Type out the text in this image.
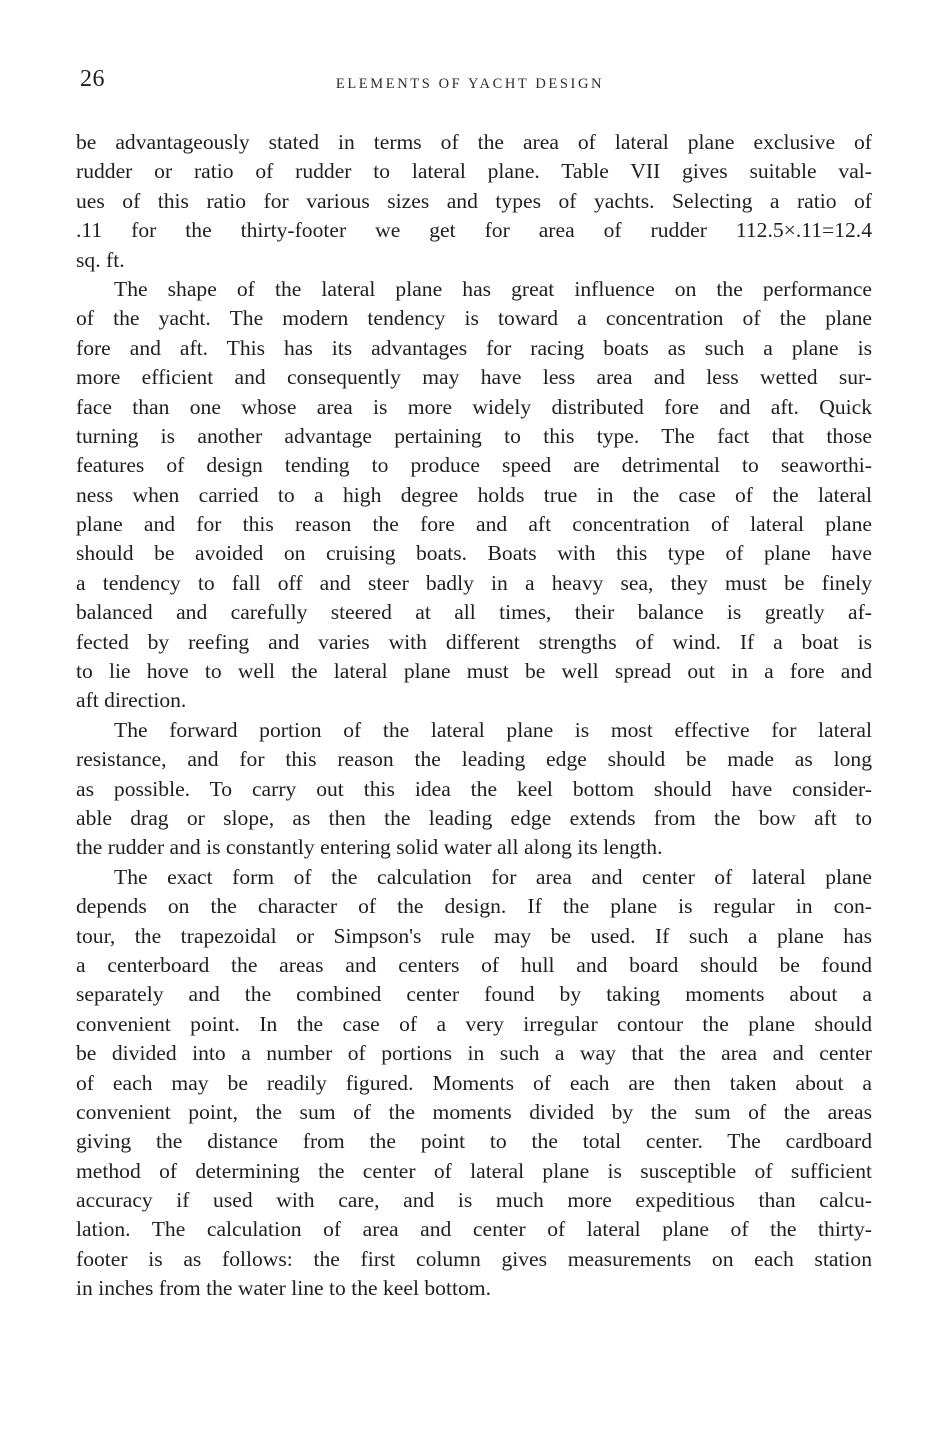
26	ELEMENTS OF YACHT DESIGN
be advantageously stated in terms of the area of lateral plane exclusive of
rudder or ratio of rudder to lateral plane. Table VII gives suitable val-
ues of this ratio for various sizes and types of yachts. Selecting a ratio of
.11 for the thirty-footer we get for area of rudder 112.5×.11=12.4
sq. ft.
The shape of the lateral plane has great influence on the performance
of the yacht. The modern tendency is toward a concentration of the plane
fore and aft. This has its advantages for racing boats as such a plane is
more efficient and consequently may have less area and less wetted sur-
face than one whose area is more widely distributed fore and aft. Quick
turning is another advantage pertaining to this type. The fact that those
features of design tending to produce speed are detrimental to seaworthi-
ness when carried to a high degree holds true in the case of the lateral
plane and for this reason the fore and aft concentration of lateral plane
should be avoided on cruising boats. Boats with this type of plane have
a tendency to fall off and steer badly in a heavy sea, they must be finely
balanced and carefully steered at all times, their balance is greatly af-
fected by reefing and varies with different strengths of wind. If a boat is
to lie hove to well the lateral plane must be well spread out in a fore and
aft direction.
The forward portion of the lateral plane is most effective for lateral
resistance, and for this reason the leading edge should be made as long
as possible. To carry out this idea the keel bottom should have consider-
able drag or slope, as then the leading edge extends from the bow aft to
the rudder and is constantly entering solid water all along its length.
The exact form of the calculation for area and center of lateral plane
depends on the character of the design. If the plane is regular in con-
tour, the trapezoidal or Simpson's rule may be used. If such a plane has
a centerboard the areas and centers of hull and board should be found
separately and the combined center found by taking moments about a
convenient point. In the case of a very irregular contour the plane should
be divided into a number of portions in such a way that the area and center
of each may be readily figured. Moments of each are then taken about a
convenient point, the sum of the moments divided by the sum of the areas
giving the distance from the point to the total center. The cardboard
method of determining the center of lateral plane is susceptible of sufficient
accuracy if used with care, and is much more expeditious than calcu-
lation. The calculation of area and center of lateral plane of the thirty-
footer is as follows: the first column gives measurements on each station
in inches from the water line to the keel bottom.
